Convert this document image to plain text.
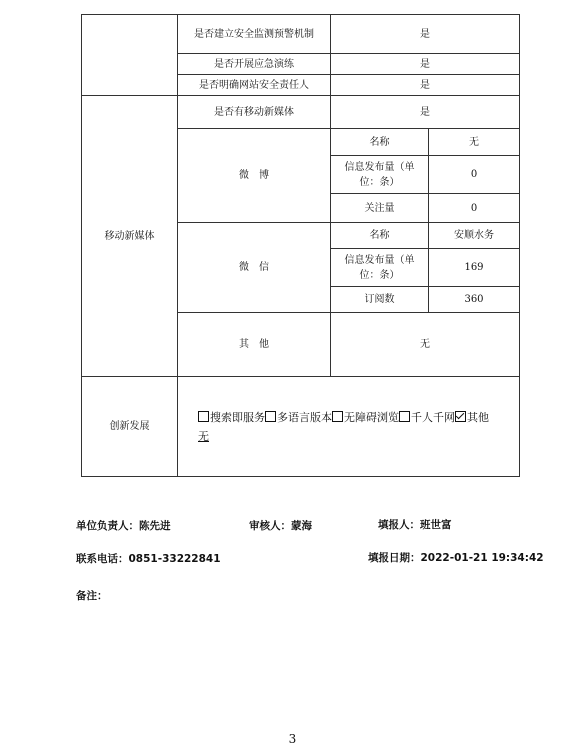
	是否建立安全监测预警机制	是	
	是否开展应急演练	是	
	是否明确网站安全责任人	是	
移动新媒体	是否有移动新媒体	是	
	微　博	名称	无
		信息发布量（单位：条）	0
		关注量	0
	微　信	名称	安顺水务
		信息发布量（单位：条）	169
		订阅数	360
	其　他	无	
创新发展	搜索即服务 多语言版本 无障碍浏览 千人千网 其他
无		
单位负责人：陈先进	审核人：蒙海	填报人：班世富
联系电话：0851-33222841	填报日期：2022-01-21 19:34:42
备注：
3
